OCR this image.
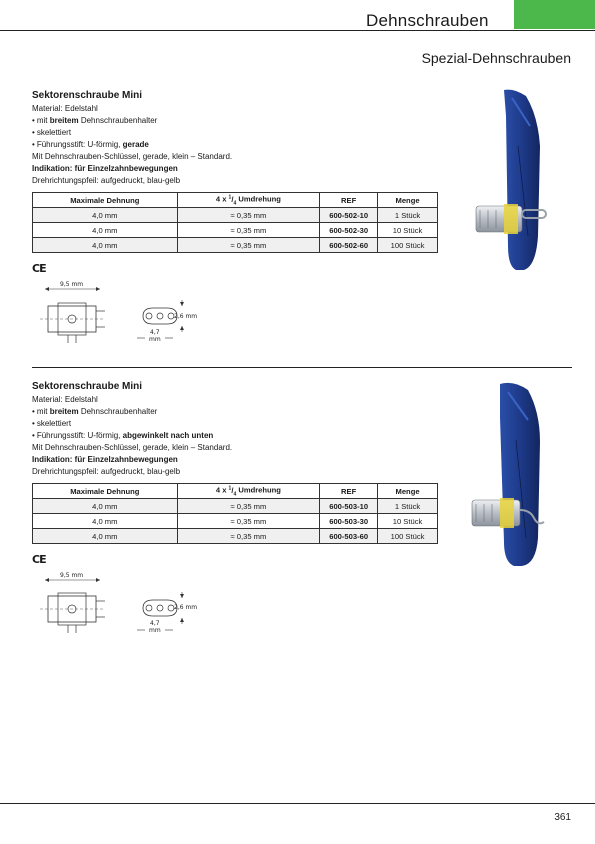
Dehnschrauben
Spezial-Dehnschrauben
Sektorenschraube Mini
Material: Edelstahl
• mit breitem Dehnschraubenhalter
• skelettiert
• Führungsstift: U-förmig, gerade
Mit Dehnschrauben-Schlüssel, gerade, klein – Standard.
Indikation: für Einzelzahnbewegungen
Drehrichtungspfeil: aufgedruckt, blau-gelb
Maximale Dehnung	4 x $^1/_4$ Umdrehung	REF	Menge
4,0 mm	≈ 0,35 mm	600-502-10	1 Stück
4,0 mm	≈ 0,35 mm	600-502-30	10 Stück
4,0 mm	≈ 0,35 mm	600-502-60	100 Stück
CE
9,5 mm
2,6 mm
4,7
mm
Sektorenschraube Mini
Material: Edelstahl
• mit breitem Dehnschraubenhalter
• skelettiert
• Führungsstift: U-förmig, abgewinkelt nach unten
Mit Dehnschrauben-Schlüssel, gerade, klein – Standard.
Indikation: für Einzelzahnbewegungen
Drehrichtungspfeil: aufgedruckt, blau-gelb
Maximale Dehnung	4 x $^1/_4$ Umdrehung	REF	Menge
4,0 mm	≈ 0,35 mm	600-503-10	1 Stück
4,0 mm	≈ 0,35 mm	600-503-30	10 Stück
4,0 mm	≈ 0,35 mm	600-503-60	100 Stück
CE
9,5 mm
2,6 mm
4,7
mm
361
